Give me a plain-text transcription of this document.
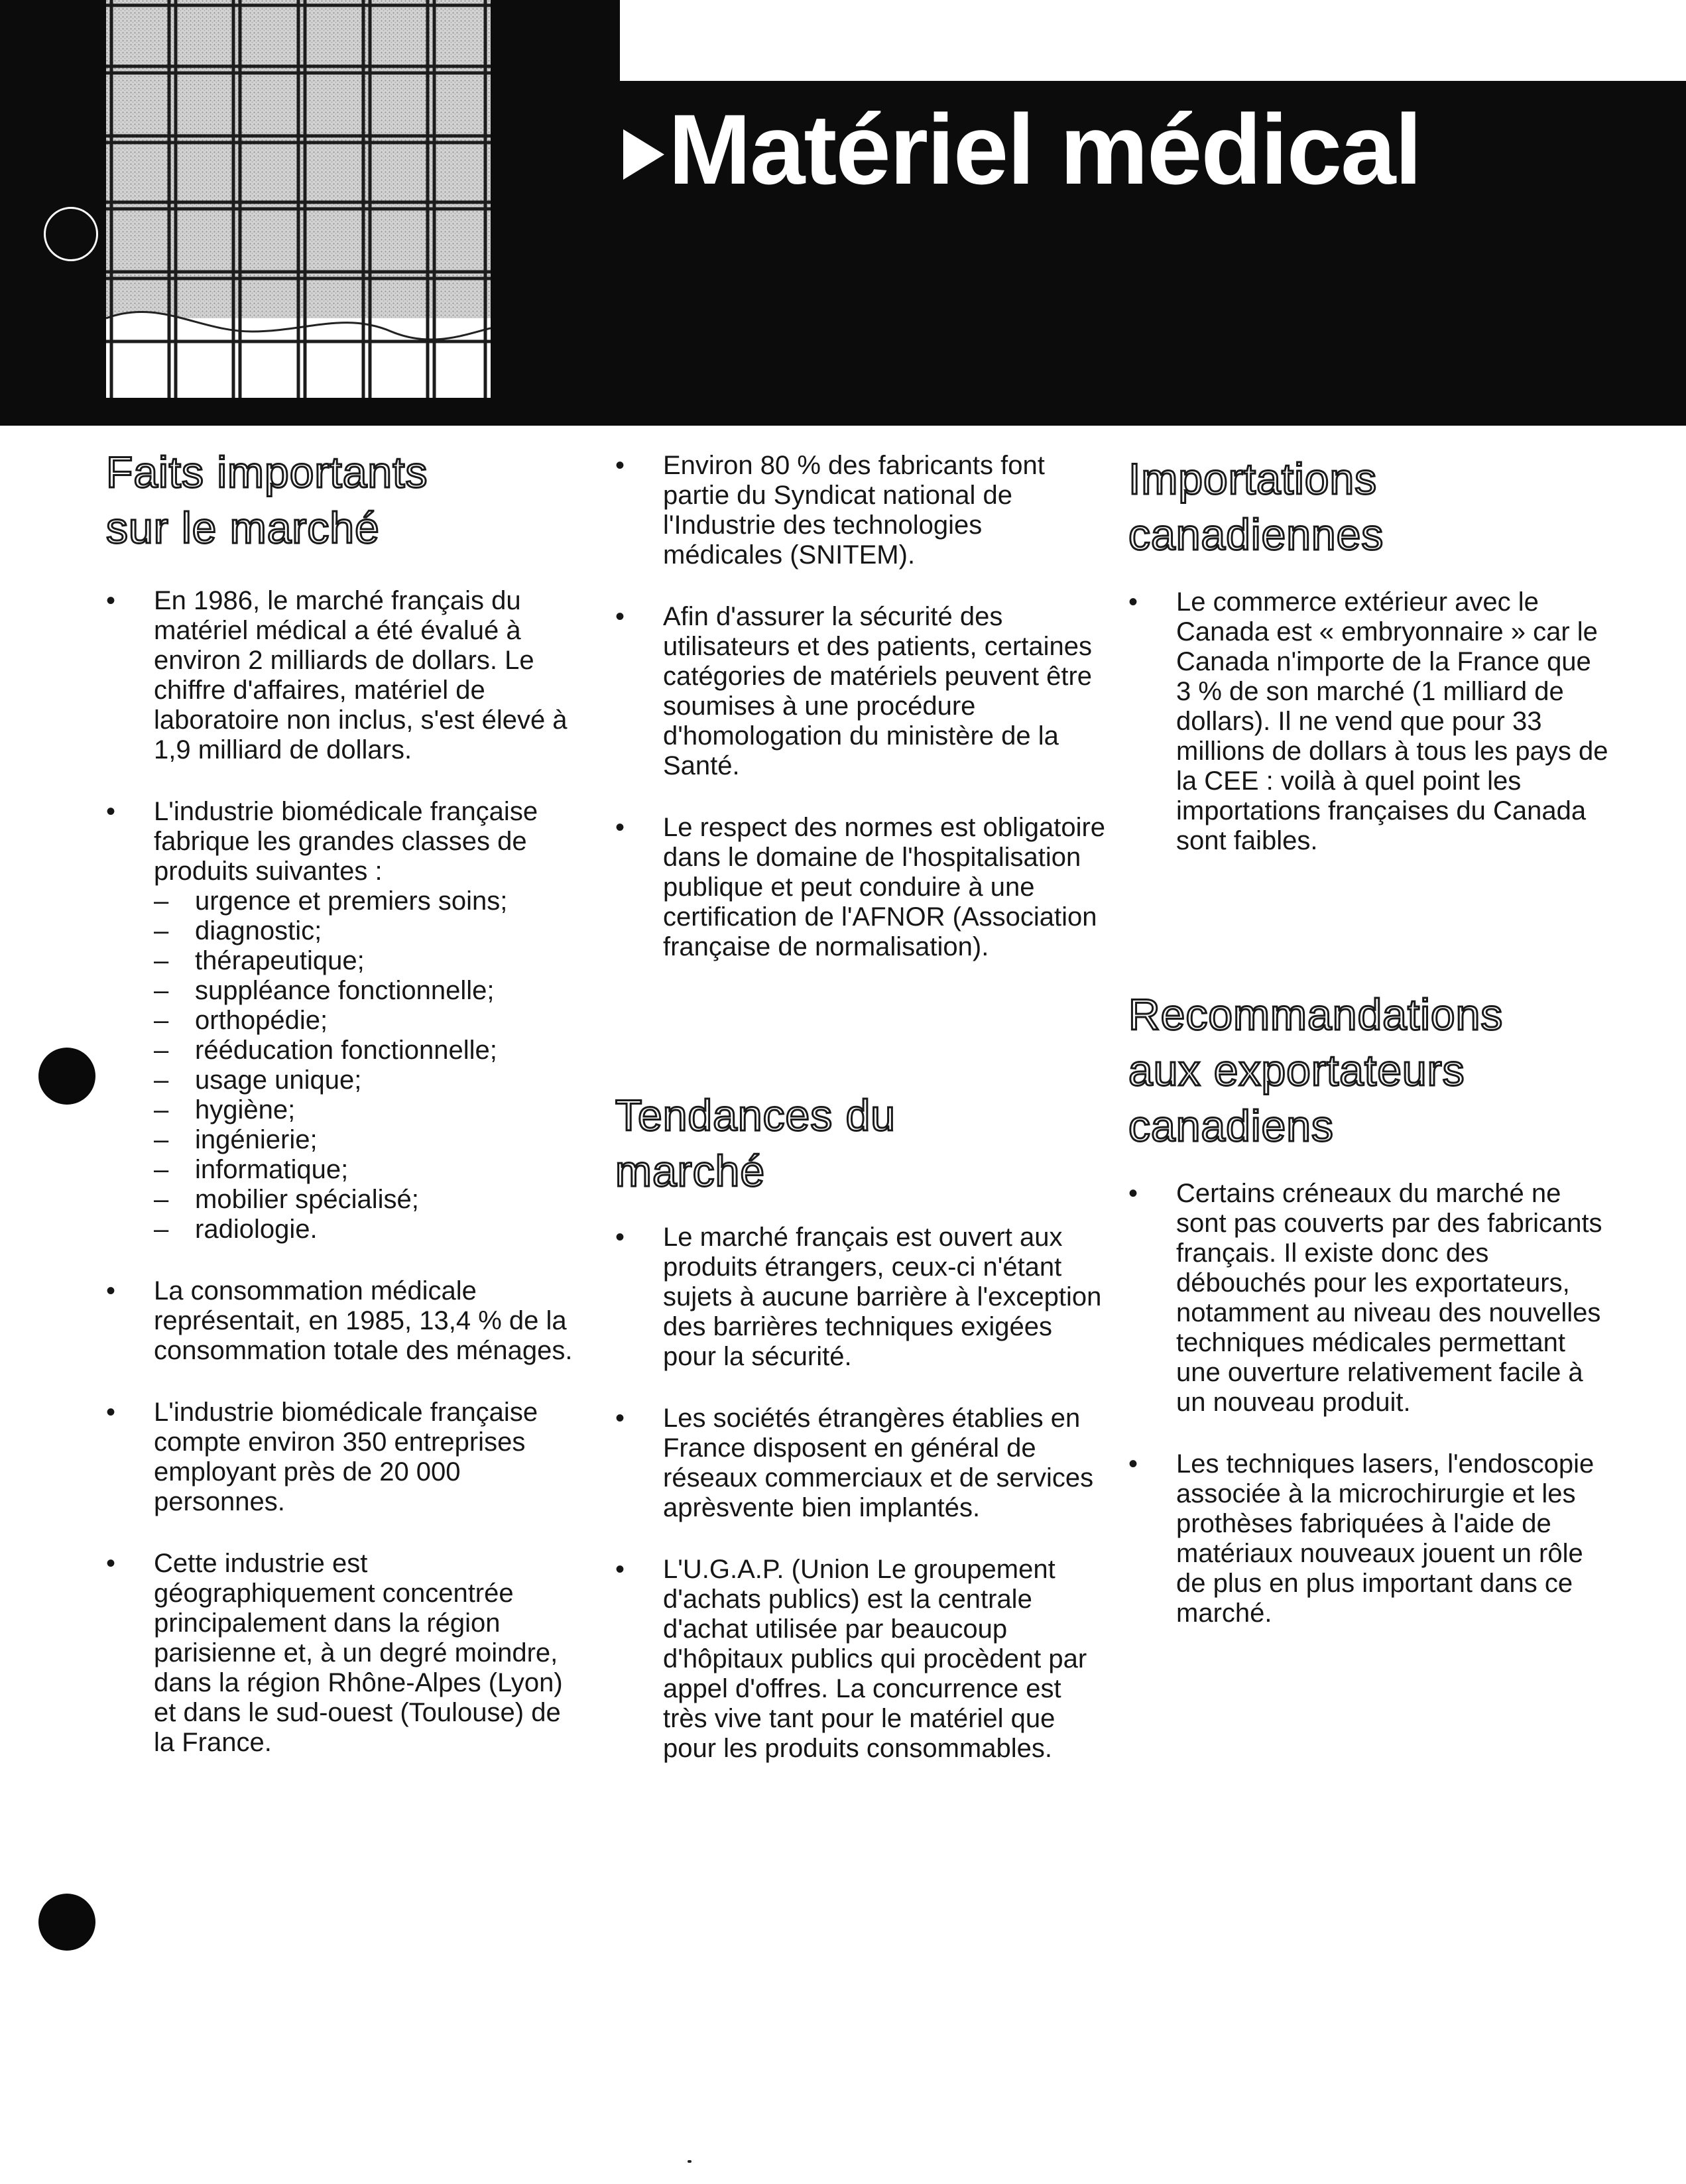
Matériel médical
Faits importants
sur le marché
• En 1986, le marché français du matériel médical a été évalué à environ 2 milliards de dollars. Le chiffre d'affaires, matériel de laboratoire non inclus, s'est élevé à 1,9 milliard de dollars.
• L'industrie biomédicale française fabrique les grandes classes de produits suivantes :
– urgence et premiers soins;
– diagnostic;
– thérapeutique;
– suppléance fonctionnelle;
– orthopédie;
– rééducation fonctionnelle;
– usage unique;
– hygiène;
– ingénierie;
– informatique;
– mobilier spécialisé;
– radiologie.
• La consommation médicale représentait, en 1985, 13,4 % de la consommation totale des ménages.
• L'industrie biomédicale française compte environ 350 entreprises employant près de 20 000 personnes.
• Cette industrie est géographiquement concentrée principalement dans la région parisienne et, à un degré moindre, dans la région Rhône-Alpes (Lyon) et dans le sud-ouest (Toulouse) de la France.
• Environ 80 % des fabricants font partie du Syndicat national de l'Industrie des technologies médicales (SNITEM).
• Afin d'assurer la sécurité des utilisateurs et des patients, certaines catégories de matériels peuvent être soumises à une procédure d'homologation du ministère de la Santé.
• Le respect des normes est obligatoire dans le domaine de l'hospitalisation publique et peut conduire à une certification de l'AFNOR (Association française de normalisation).
Tendances du
marché
• Le marché français est ouvert aux produits étrangers, ceux-ci n'étant sujets à aucune barrière à l'exception des barrières techniques exigées pour la sécurité.
• Les sociétés étrangères établies en France disposent en général de réseaux commerciaux et de services aprèsvente bien implantés.
• L'U.G.A.P. (Union Le groupement d'achats publics) est la centrale d'achat utilisée par beaucoup d'hôpitaux publics qui procèdent par appel d'offres. La concurrence est très vive tant pour le matériel que pour les produits consommables.
Importations
canadiennes
• Le commerce extérieur avec le Canada est « embryonnaire » car le Canada n'importe de la France que 3 % de son marché (1 milliard de dollars). Il ne vend que pour 33 millions de dollars à tous les pays de la CEE : voilà à quel point les importations françaises du Canada sont faibles.
Recommandations
aux exportateurs
canadiens
• Certains créneaux du marché ne sont pas couverts par des fabricants français. Il existe donc des débouchés pour les exportateurs, notamment au niveau des nouvelles techniques médicales permettant une ouverture relativement facile à un nouveau produit.
• Les techniques lasers, l'endoscopie associée à la microchirurgie et les prothèses fabriquées à l'aide de matériaux nouveaux jouent un rôle de plus en plus important dans ce marché.
